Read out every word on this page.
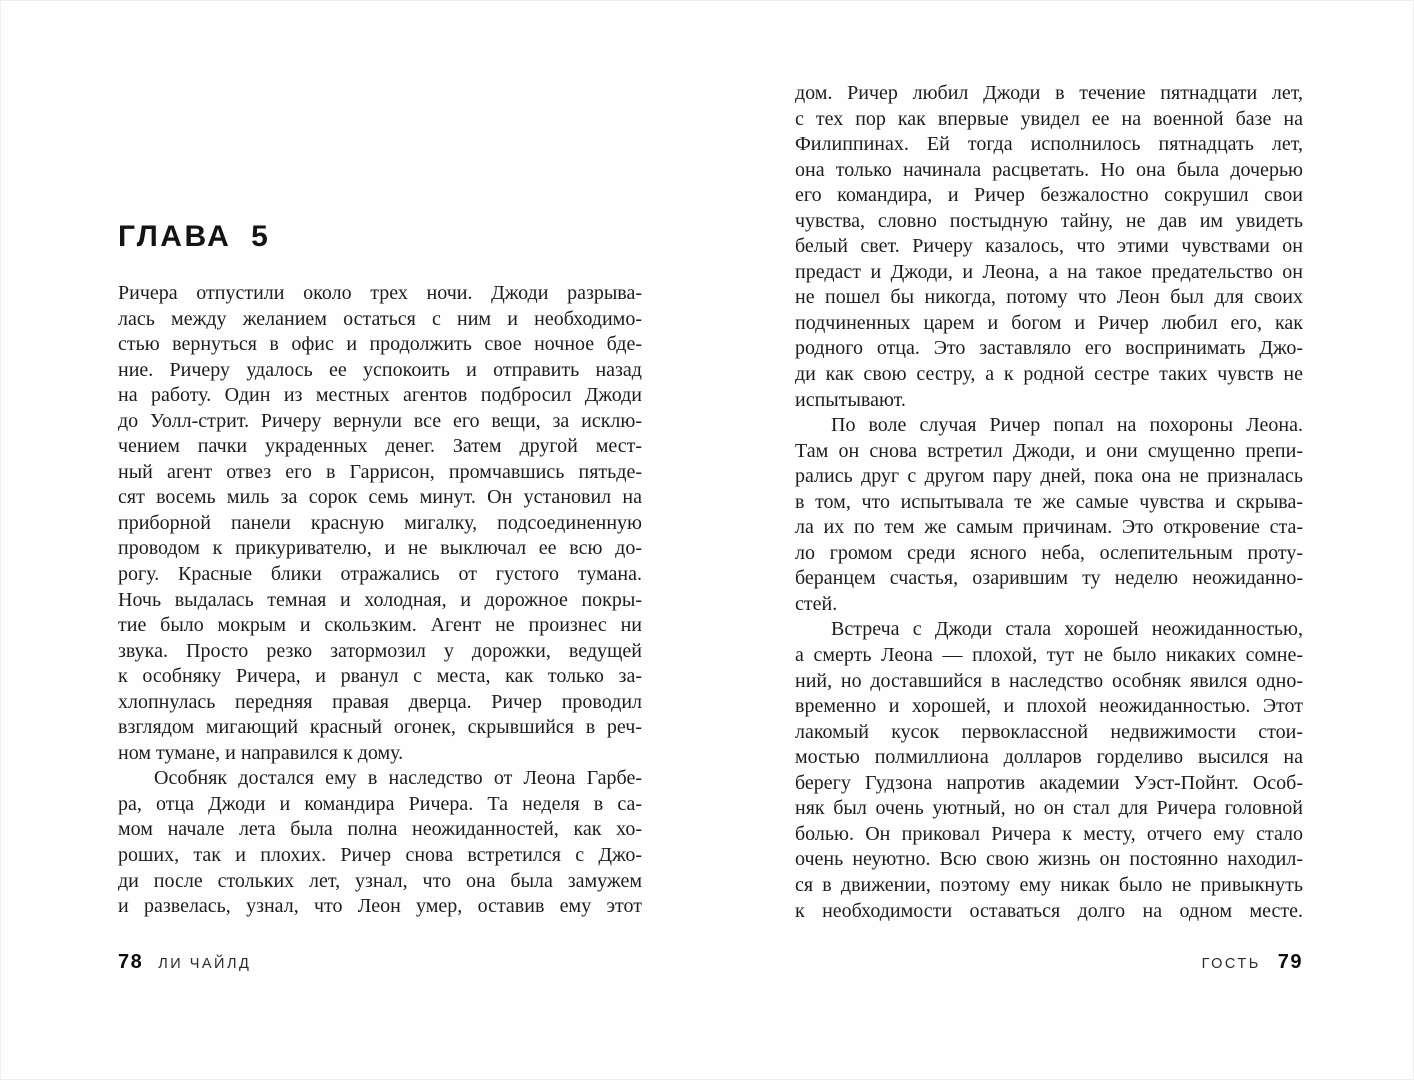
ГЛАВА 5
Ричера отпустили около трех ночи. Джоди разрыва-
лась между желанием остаться с ним и необходимо-
стью вернуться в офис и продолжить свое ночное бде-
ние. Ричеру удалось ее успокоить и отправить назад
на работу. Один из местных агентов подбросил Джоди
до Уолл-стрит. Ричеру вернули все его вещи, за исклю-
чением пачки украденных денег. Затем другой мест-
ный агент отвез его в Гаррисон, промчавшись пятьде-
сят восемь миль за сорок семь минут. Он установил на
приборной панели красную мигалку, подсоединенную
проводом к прикуривателю, и не выключал ее всю до-
рогу. Красные блики отражались от густого тумана.
Ночь выдалась темная и холодная, и дорожное покры-
тие было мокрым и скользким. Агент не произнес ни
звука. Просто резко затормозил у дорожки, ведущей
к особняку Ричера, и рванул с места, как только за-
хлопнулась передняя правая дверца. Ричер проводил
взглядом мигающий красный огонек, скрывшийся в реч-
ном тумане, и направился к дому.
Особняк достался ему в наследство от Леона Гарбе-
ра, отца Джоди и командира Ричера. Та неделя в са-
мом начале лета была полна неожиданностей, как хо-
роших, так и плохих. Ричер снова встретился с Джо-
ди после стольких лет, узнал, что она была замужем
и развелась, узнал, что Леон умер, оставив ему этот
78 ЛИ ЧАЙЛД
дом. Ричер любил Джоди в течение пятнадцати лет,
с тех пор как впервые увидел ее на военной базе на
Филиппинах. Ей тогда исполнилось пятнадцать лет,
она только начинала расцветать. Но она была дочерью
его командира, и Ричер безжалостно сокрушил свои
чувства, словно постыдную тайну, не дав им увидеть
белый свет. Ричеру казалось, что этими чувствами он
предаст и Джоди, и Леона, а на такое предательство он
не пошел бы никогда, потому что Леон был для своих
подчиненных царем и богом и Ричер любил его, как
родного отца. Это заставляло его воспринимать Джо-
ди как свою сестру, а к родной сестре таких чувств не
испытывают.
По воле случая Ричер попал на похороны Леона.
Там он снова встретил Джоди, и они смущенно препи-
рались друг с другом пару дней, пока она не призналась
в том, что испытывала те же самые чувства и скрыва-
ла их по тем же самым причинам. Это откровение ста-
ло громом среди ясного неба, ослепительным проту-
беранцем счастья, озарившим ту неделю неожиданно-
стей.
Встреча с Джоди стала хорошей неожиданностью,
а смерть Леона — плохой, тут не было никаких сомне-
ний, но доставшийся в наследство особняк явился одно-
временно и хорошей, и плохой неожиданностью. Этот
лакомый кусок первоклассной недвижимости стои-
мостью полмиллиона долларов горделиво высился на
берегу Гудзона напротив академии Уэст-Пойнт. Особ-
няк был очень уютный, но он стал для Ричера головной
болью. Он приковал Ричера к месту, отчего ему стало
очень неуютно. Всю свою жизнь он постоянно находил-
ся в движении, поэтому ему никак было не привыкнуть
к необходимости оставаться долго на одном месте.
ГОСТЬ 79
